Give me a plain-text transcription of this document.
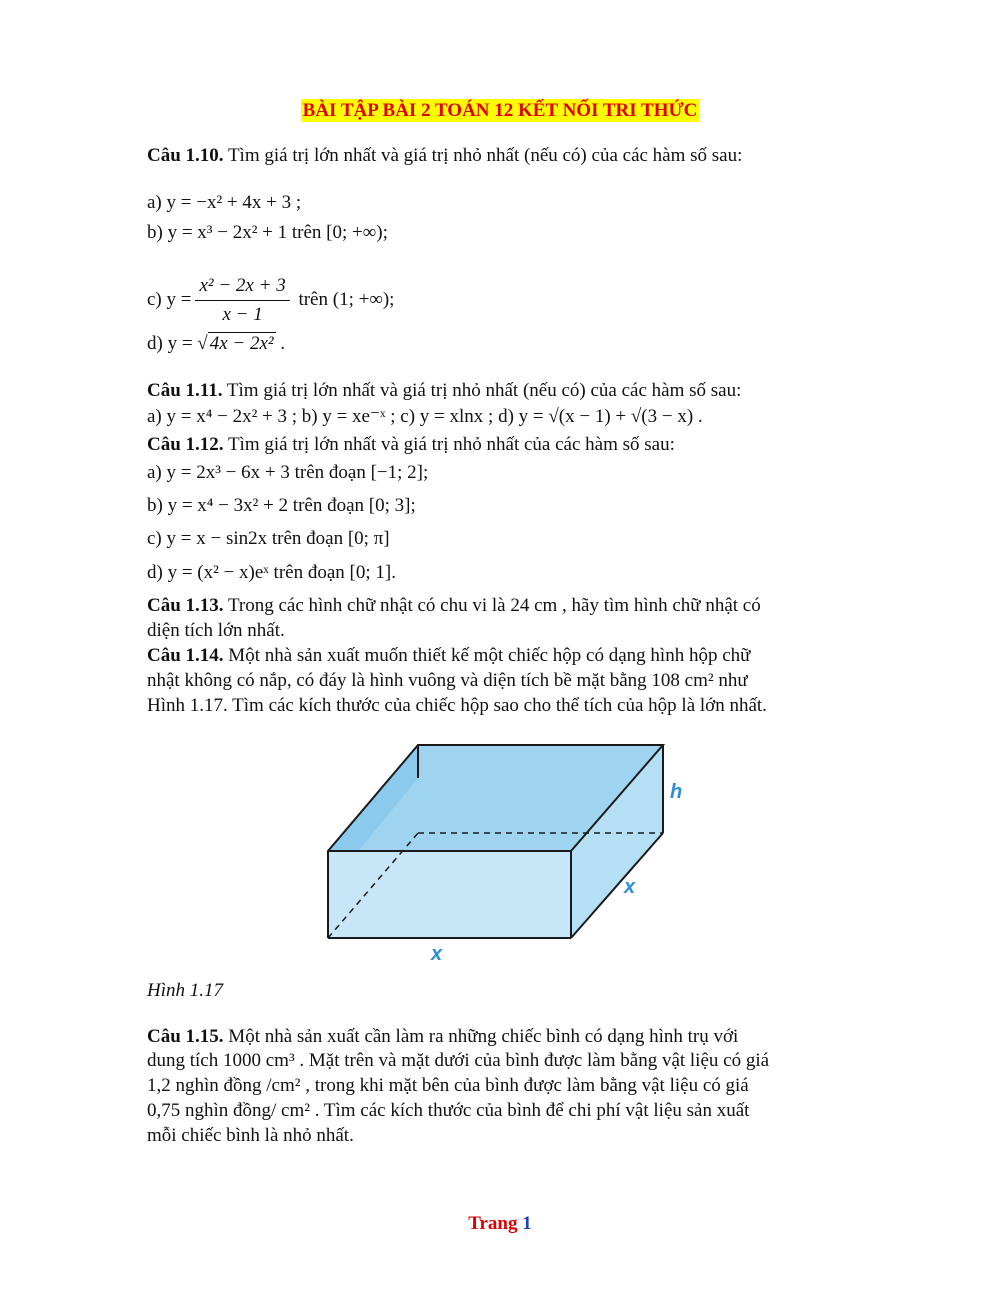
BÀI TẬP BÀI 2 TOÁN 12 KẾT NỐI TRI THỨC
Câu 1.10. Tìm giá trị lớn nhất và giá trị nhỏ nhất (nếu có) của các hàm số sau:
a) y = −x² + 4x + 3 ;
b) y = x³ − 2x² + 1 trên [0; +∞);
c) $y = \frac{\text{x² − 2x + 3}}{x - 1}$ trên (1; +∞);
d) y = √ 4x − 2x² .
Câu 1.11. Tìm giá trị lớn nhất và giá trị nhỏ nhất (nếu có) của các hàm số sau:
a) y = x⁴ − 2x² + 3 ; b) y = xe⁻ˣ ; c) y = xlnx ; d) y = √(x − 1) + √(3 − x) .
Câu 1.12. Tìm giá trị lớn nhất và giá trị nhỏ nhất của các hàm số sau:
a) y = 2x³ − 6x + 3 trên đoạn [−1; 2];
b) y = x⁴ − 3x² + 2 trên đoạn [0; 3];
c) y = x − sin2x trên đoạn [0; π]
d) y = (x² − x)eˣ trên đoạn [0; 1].
Câu 1.13. Trong các hình chữ nhật có chu vi là 24 cm , hãy tìm hình chữ nhật có
diện tích lớn nhất.
Câu 1.14. Một nhà sản xuất muốn thiết kế một chiếc hộp có dạng hình hộp chữ
nhật không có nắp, có đáy là hình vuông và diện tích bề mặt bằng 108 cm² như
Hình 1.17. Tìm các kích thước của chiếc hộp sao cho thể tích của hộp là lớn nhất.
h
x
x
Hình 1.17
Câu 1.15. Một nhà sản xuất cần làm ra những chiếc bình có dạng hình trụ với
dung tích 1000 cm³ . Mặt trên và mặt dưới của bình được làm bằng vật liệu có giá
1,2 nghìn đồng /cm² , trong khi mặt bên của bình được làm bằng vật liệu có giá
0,75 nghìn đồng/ cm² . Tìm các kích thước của bình để chi phí vật liệu sản xuất
mỗi chiếc bình là nhỏ nhất.
Trang 1
